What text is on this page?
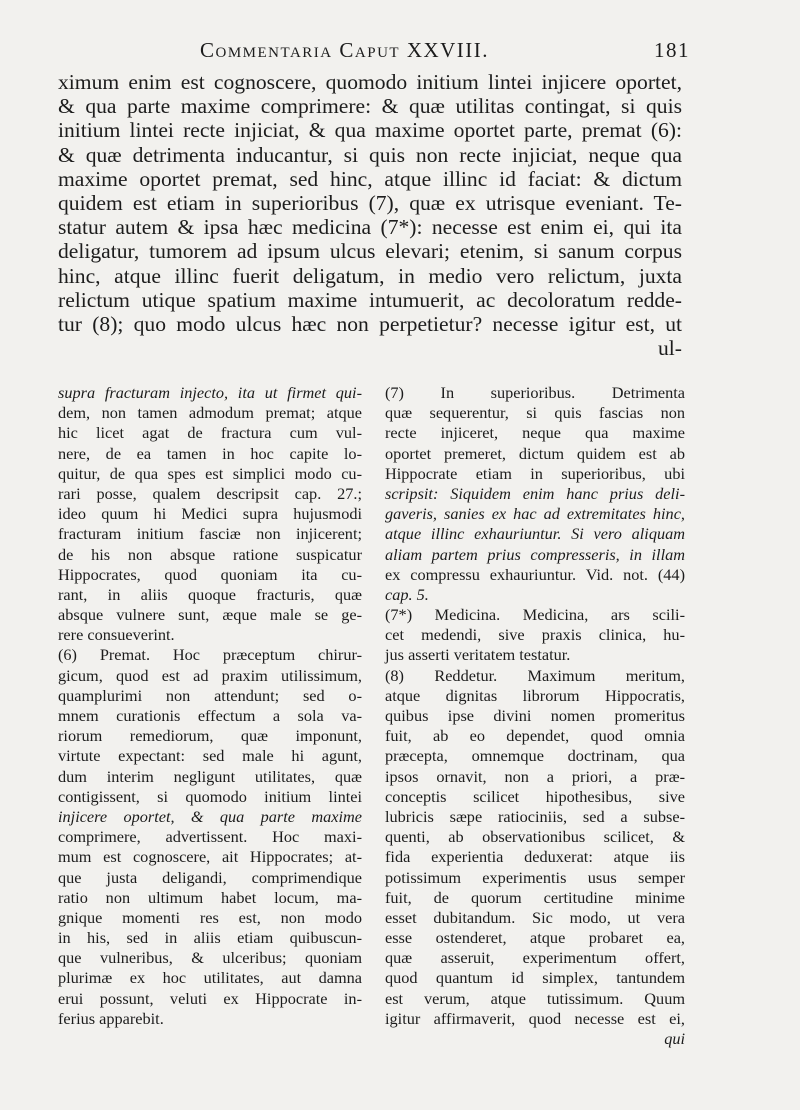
Commentaria Caput XXVIII.	181
ximum enim est cognoscere, quomodo initium lintei injicere oportet,
& qua parte maxime comprimere: & quæ utilitas contingat, si quis
initium lintei recte injiciat, & qua maxime oportet parte, premat (6):
& quæ detrimenta inducantur, si quis non recte injiciat, neque qua
maxime oportet premat, sed hinc, atque illinc id faciat: & dictum
quidem est etiam in superioribus (7), quæ ex utrisque eveniant. Te-
statur autem & ipsa hæc medicina (7*): necesse est enim ei, qui ita
deligatur, tumorem ad ipsum ulcus elevari; etenim, si sanum corpus
hinc, atque illinc fuerit deligatum, in medio vero relictum, juxta
relictum utique spatium maxime intumuerit, ac decoloratum redde-
tur (8); quo modo ulcus hæc non perpetietur? necesse igitur est, ut
ul-
supra fracturam injecto, ita ut firmet qui-
dem, non tamen admodum premat; atque
hic licet agat de fractura cum vul-
nere, de ea tamen in hoc capite lo-
quitur, de qua spes est simplici modo cu-
rari posse, qualem descripsit cap. 27.;
ideo quum hi Medici supra hujusmodi
fracturam initium fasciæ non injicerent;
de his non absque ratione suspicatur
Hippocrates, quod quoniam ita cu-
rant, in aliis quoque fracturis, quæ
absque vulnere sunt, æque male se ge-
rere consueverint.
(6) Premat. Hoc præceptum chirur-
gicum, quod est ad praxim utilissimum,
quamplurimi non attendunt; sed o-
mnem curationis effectum a sola va-
riorum remediorum, quæ imponunt,
virtute expectant: sed male hi agunt,
dum interim negligunt utilitates, quæ
contigissent, si quomodo initium lintei
injicere oportet, & qua parte maxime
comprimere, advertissent. Hoc maxi-
mum est cognoscere, ait Hippocrates; at-
que justa deligandi, comprimendique
ratio non ultimum habet locum, ma-
gnique momenti res est, non modo
in his, sed in aliis etiam quibuscun-
que vulneribus, & ulceribus; quoniam
plurimæ ex hoc utilitates, aut damna
erui possunt, veluti ex Hippocrate in-
ferius apparebit.
(7) In superioribus. Detrimenta
quæ sequerentur, si quis fascias non
recte injiceret, neque qua maxime
oportet premeret, dictum quidem est ab
Hippocrate etiam in superioribus, ubi
scripsit: Siquidem enim hanc prius deli-
gaveris, sanies ex hac ad extremitates hinc,
atque illinc exhauriuntur. Si vero aliquam
aliam partem prius compresseris, in illam
ex compressu exhauriuntur. Vid. not. (44)
cap. 5.
(7*) Medicina. Medicina, ars scili-
cet medendi, sive praxis clinica, hu-
jus asserti veritatem testatur.
(8) Reddetur. Maximum meritum,
atque dignitas librorum Hippocratis,
quibus ipse divini nomen promeritus
fuit, ab eo dependet, quod omnia
præcepta, omnemque doctrinam, qua
ipsos ornavit, non a priori, a præ-
conceptis scilicet hipothesibus, sive
lubricis sæpe ratiociniis, sed a subse-
quenti, ab observationibus scilicet, &
fida experientia deduxerat: atque iis
potissimum experimentis usus semper
fuit, de quorum certitudine minime
esset dubitandum. Sic modo, ut vera
esse ostenderet, atque probaret ea,
quæ asseruit, experimentum offert,
quod quantum id simplex, tantundem
est verum, atque tutissimum. Quum
igitur affirmaverit, quod necesse est ei,
qui
